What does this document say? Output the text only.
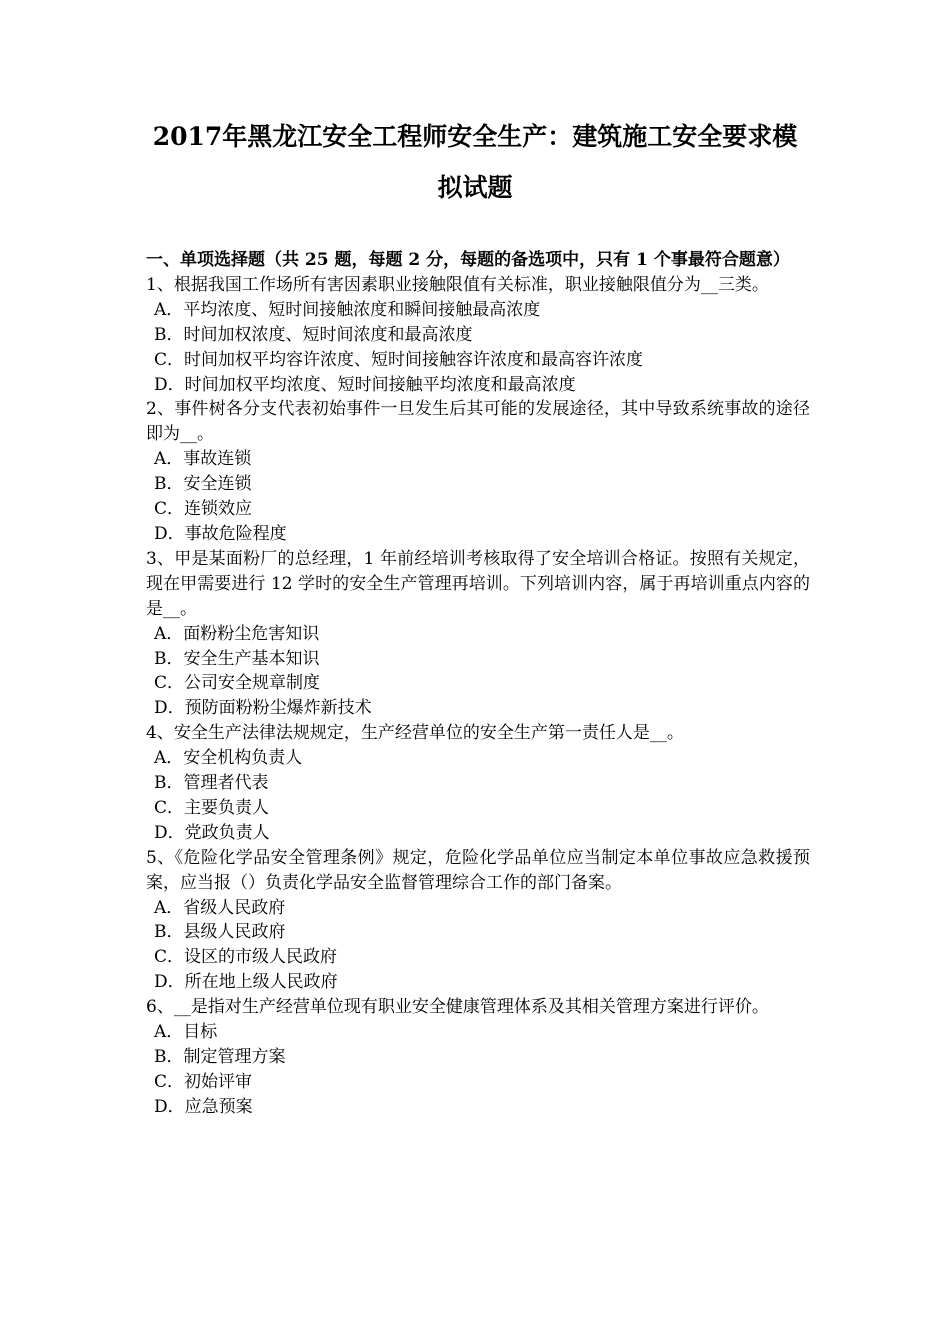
2017年黑龙江安全工程师安全生产：建筑施工安全要求模
拟试题

一、单项选择题（共 25 题，每题 2 分，每题的备选项中，只有 1 个事最符合题意）

1、根据我国工作场所有害因素职业接触限值有关标准，职业接触限值分为__三类。

A．平均浓度、短时间接触浓度和瞬间接触最高浓度
B．时间加权浓度、短时间浓度和最高浓度
C．时间加权平均容许浓度、短时间接触容许浓度和最高容许浓度
D．时间加权平均浓度、短时间接触平均浓度和最高浓度

2、事件树各分支代表初始事件一旦发生后其可能的发展途径，其中导致系统事故的途径即为__。

A．事故连锁
B．安全连锁
C．连锁效应
D．事故危险程度

3、甲是某面粉厂的总经理，1 年前经培训考核取得了安全培训合格证。按照有关规定，现在甲需要进行 12 学时的安全生产管理再培训。下列培训内容，属于再培训重点内容的是__。

A．面粉粉尘危害知识
B．安全生产基本知识
C．公司安全规章制度
D．预防面粉粉尘爆炸新技术

4、安全生产法律法规规定，生产经营单位的安全生产第一责任人是__。

A．安全机构负责人
B．管理者代表
C．主要负责人
D．党政负责人

5、《危险化学品安全管理条例》规定，危险化学品单位应当制定本单位事故应急救援预案，应当报（）负责化学品安全监督管理综合工作的部门备案。

A．省级人民政府
B．县级人民政府
C．设区的市级人民政府
D．所在地上级人民政府

6、__是指对生产经营单位现有职业安全健康管理体系及其相关管理方案进行评价。

A．目标
B．制定管理方案
C．初始评审
D．应急预案
